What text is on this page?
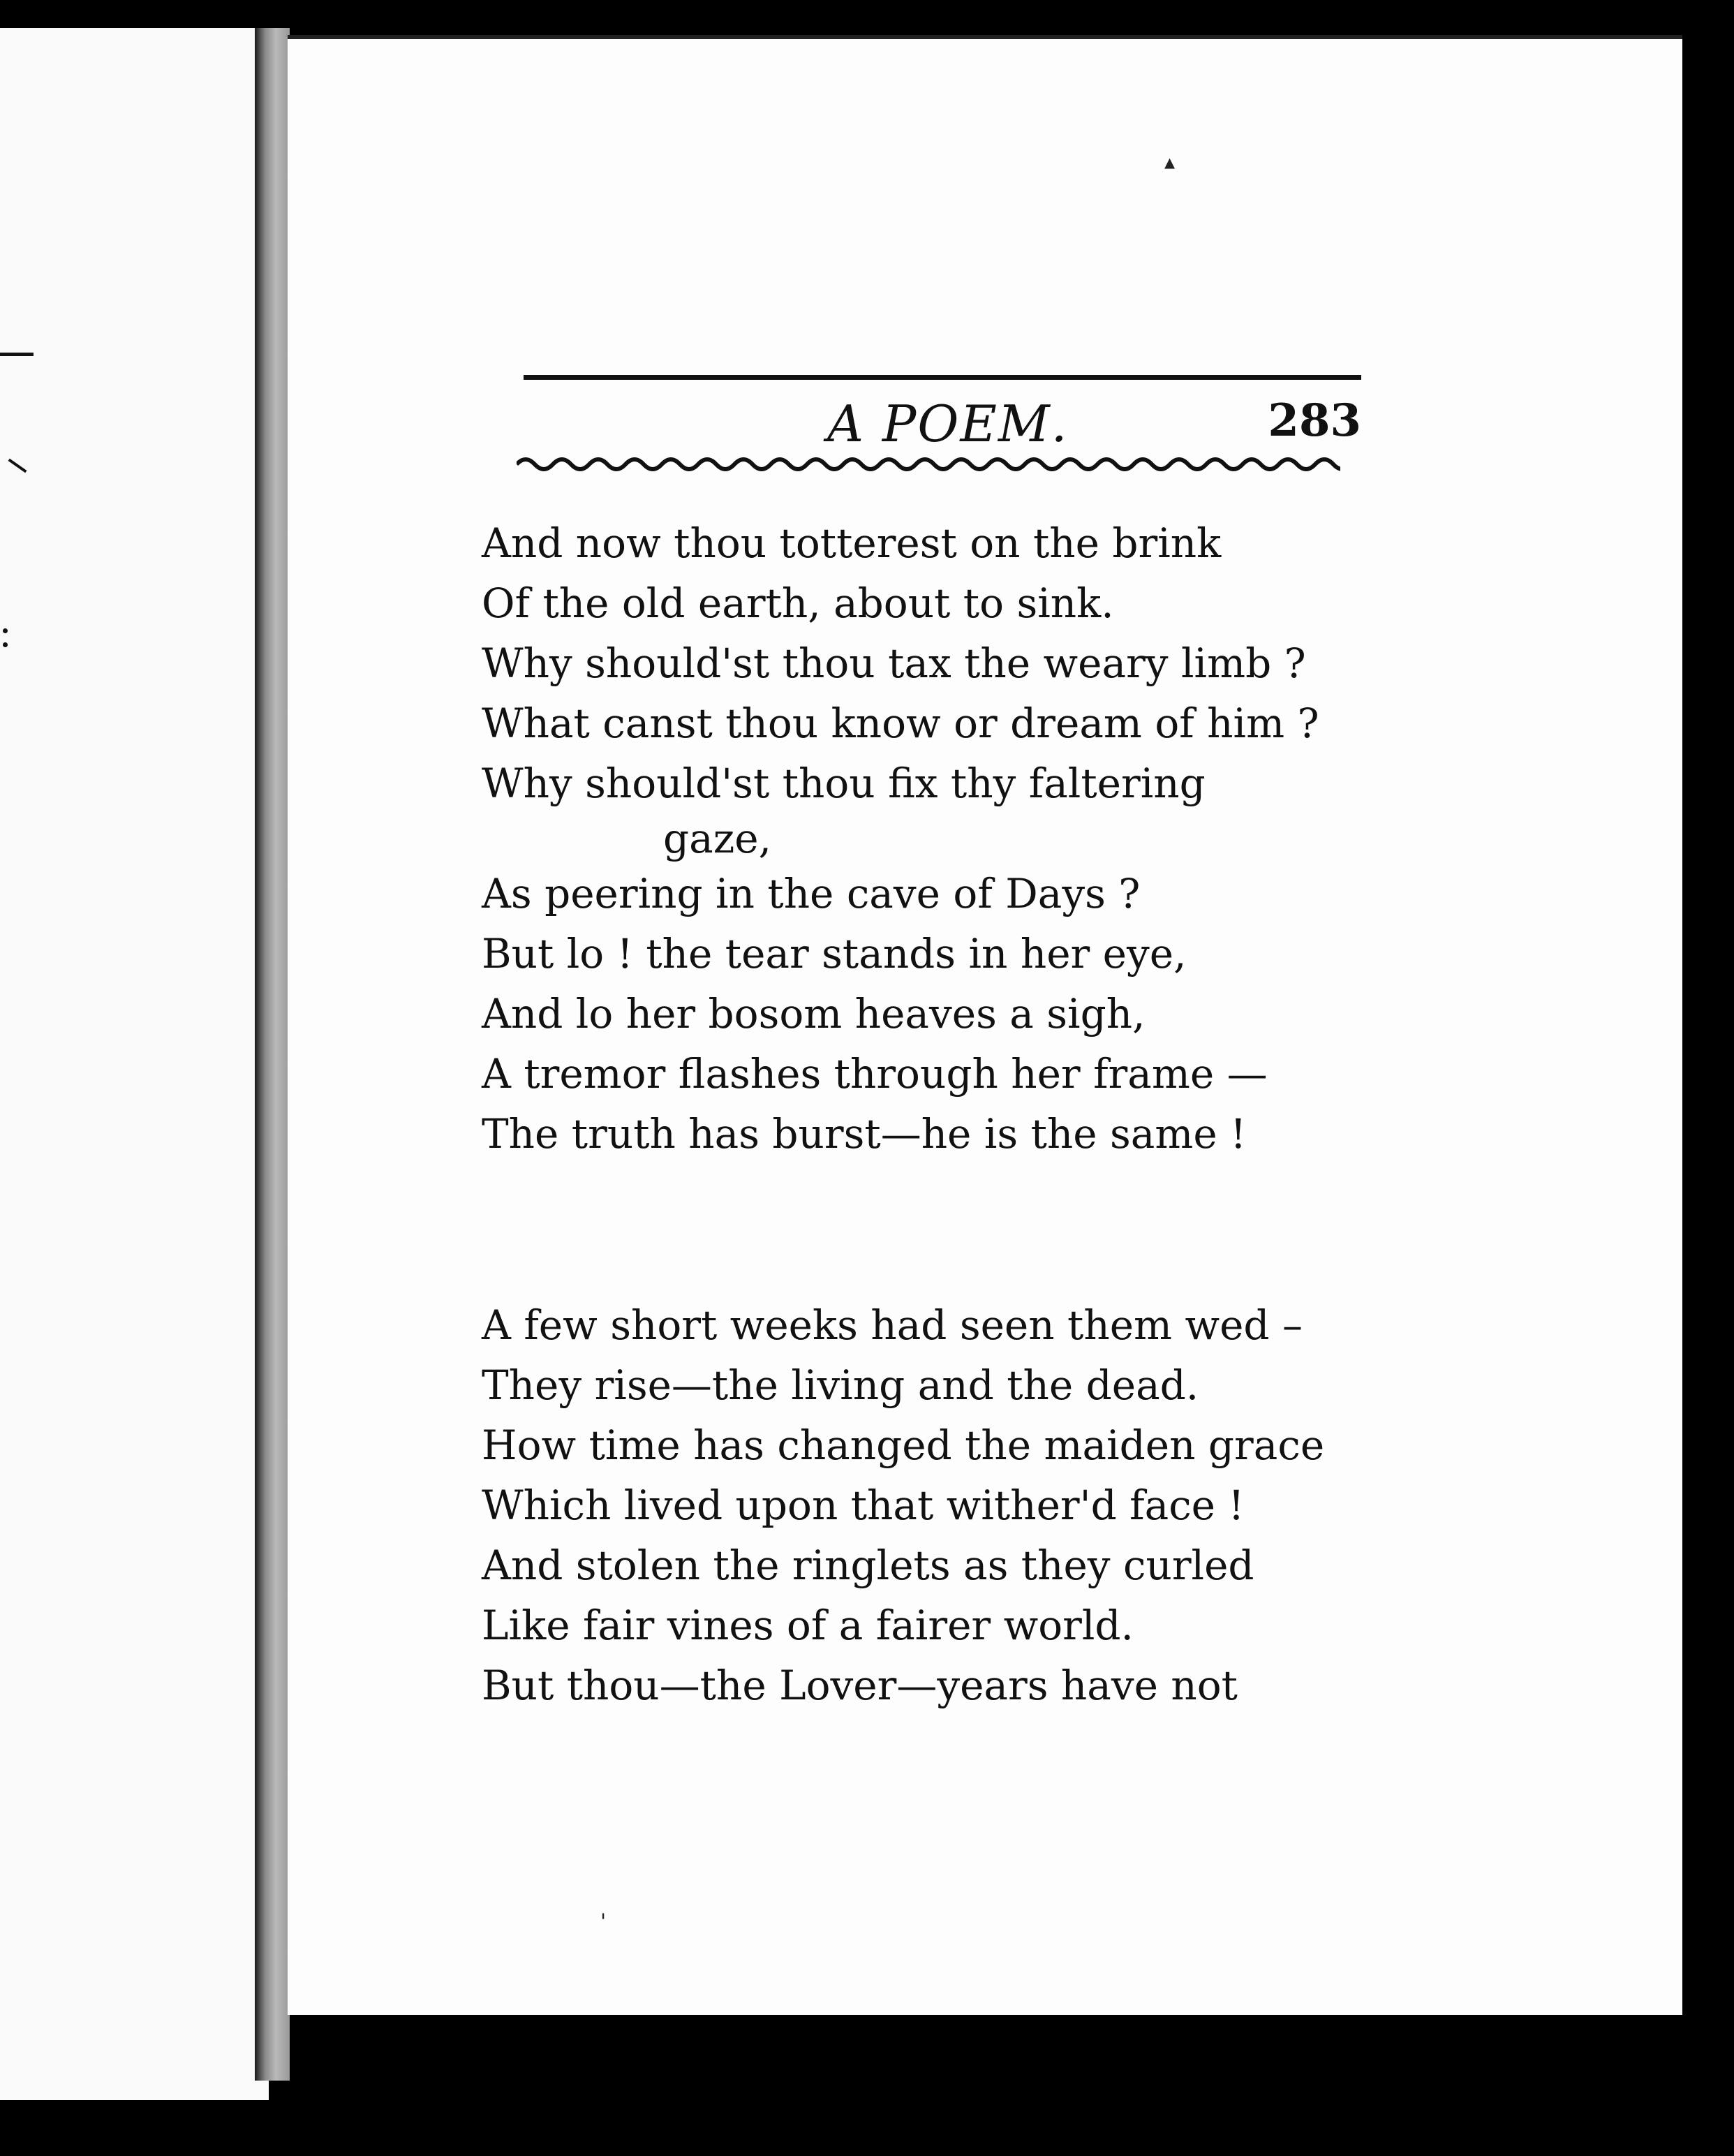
A POEM.	283
And now thou totterest on the brink
Of the old earth, about to sink.
Why should'st thou tax the weary limb ?
What canst thou know or dream of him ?
Why should'st thou fix thy faltering
gaze,
As peering in the cave of Days ?
But lo ! the tear stands in her eye,
And lo her bosom heaves a sigh,
A tremor flashes through her frame —
The truth has burst—he is the same !
A few short weeks had seen them wed –
They rise—the living and the dead.
How time has changed the maiden grace
Which lived upon that wither'd face !
And stolen the ringlets as they curled
Like fair vines of a fairer world.
But thou—the Lover—years have not
▴
'
